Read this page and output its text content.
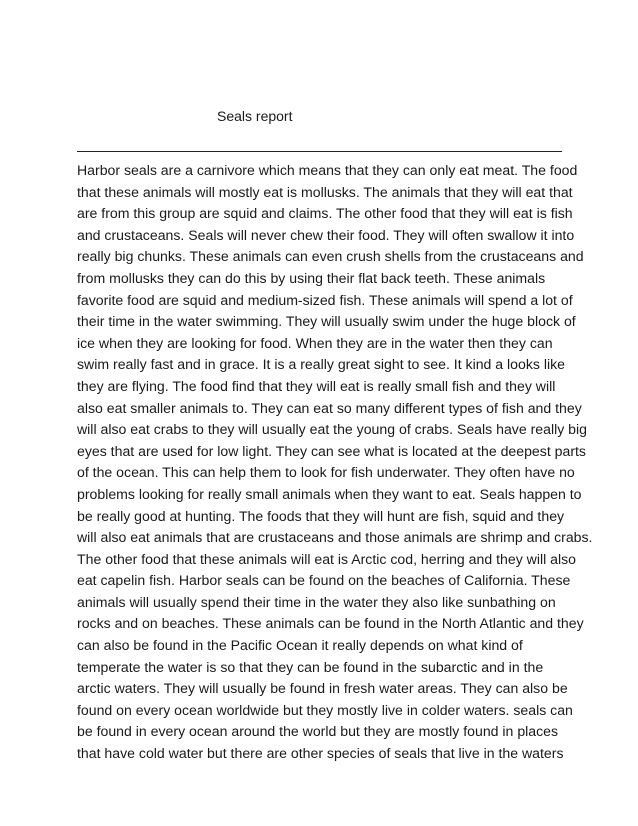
Seals report
Harbor seals are a carnivore which means that they can only eat meat. The food
that these animals will mostly eat is mollusks. The animals that they will eat that
are from this group are squid and claims. The other food that they will eat is fish
and crustaceans. Seals will never chew their food. They will often swallow it into
really big chunks. These animals can even crush shells from the crustaceans and
from mollusks they can do this by using their flat back teeth. These animals
favorite food are squid and medium-sized fish. These animals will spend a lot of
their time in the water swimming. They will usually swim under the huge block of
ice when they are looking for food. When they are in the water then they can
swim really fast and in grace. It is a really great sight to see. It kind a looks like
they are flying. The food find that they will eat is really small fish and they will
also eat smaller animals to. They can eat so many different types of fish and they
will also eat crabs to they will usually eat the young of crabs. Seals have really big
eyes that are used for low light. They can see what is located at the deepest parts
of the ocean. This can help them to look for fish underwater. They often have no
problems looking for really small animals when they want to eat. Seals happen to
be really good at hunting. The foods that they will hunt are fish, squid and they
will also eat animals that are crustaceans and those animals are shrimp and crabs.
The other food that these animals will eat is Arctic cod, herring and they will also
eat capelin fish. Harbor seals can be found on the beaches of California. These
animals will usually spend their time in the water they also like sunbathing on
rocks and on beaches. These animals can be found in the North Atlantic and they
can also be found in the Pacific Ocean it really depends on what kind of
temperate the water is so that they can be found in the subarctic and in the
arctic waters. They will usually be found in fresh water areas. They can also be
found on every ocean worldwide but they mostly live in colder waters. seals can
be found in every ocean around the world but they are mostly found in places
that have cold water but there are other species of seals that live in the waters
